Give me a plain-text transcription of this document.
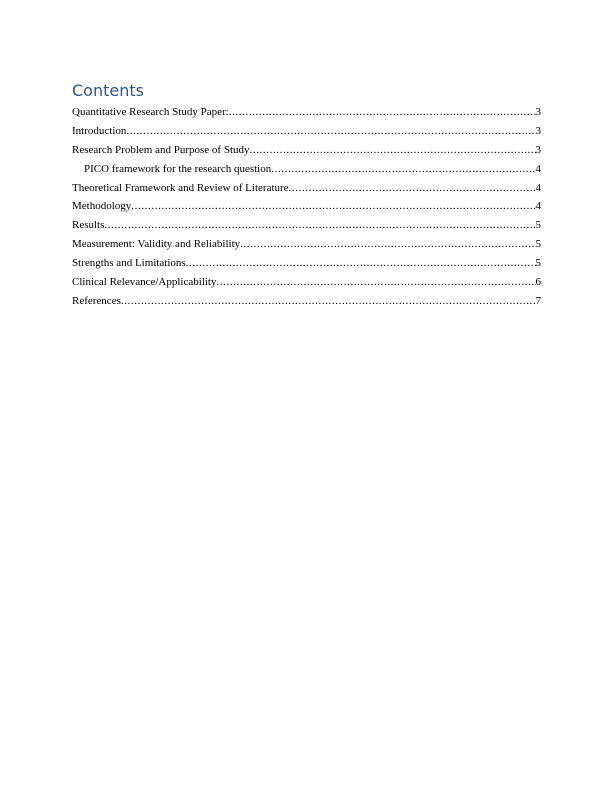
Contents
Quantitative Research Study Paper: .....	3
Introduction .....	3
Research Problem and Purpose of Study .....	3
PICO framework for the research question .....	4
Theoretical Framework and Review of Literature .....	4
Methodology .....	4
Results .....	5
Measurement: Validity and Reliability .....	5
Strengths and Limitations .....	5
Clinical Relevance/Applicability .....	6
References .....	7
